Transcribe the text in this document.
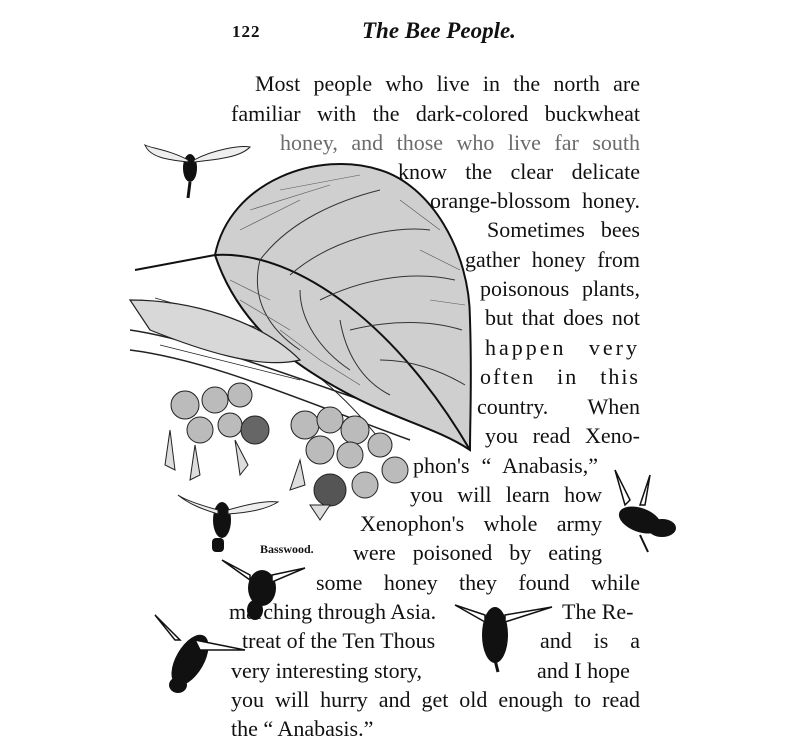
122	The Bee People.
Basswood.
Most people who live in the north are
familiar with the dark-colored buckwheat
honey, and those who live far south
know the clear delicate
orange-blossom honey.
Sometimes bees
gather honey from
poisonous plants,
but that does not
happen very
often in this
country. When
you read Xeno-
phon's “ Anabasis,”
you will learn how
Xenophon's whole army
were poisoned by eating
some honey they found while
marching through Asia.	The Re-
treat of the Ten Thous	and is a
very interesting story,	and I hope
you will hurry and get old enough to read
the “ Anabasis.”
